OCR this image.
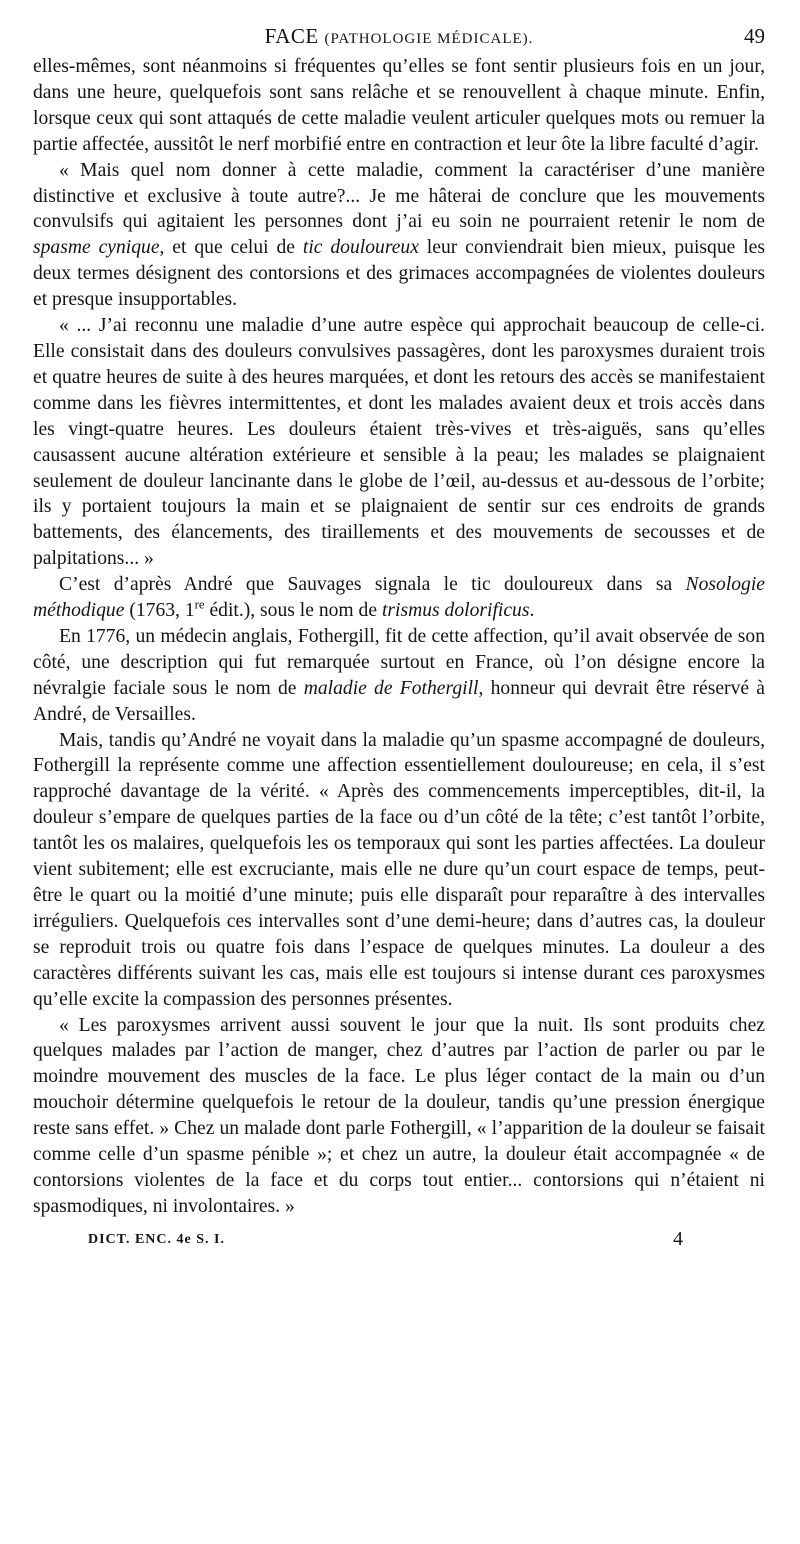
FACE (PATHOLOGIE MÉDICALE).	49

elles-mêmes, sont néanmoins si fréquentes qu’elles se font sentir plusieurs fois en un jour, dans une heure, quelquefois sont sans relâche et se renouvellent à chaque minute. Enfin, lorsque ceux qui sont attaqués de cette maladie veulent articuler quelques mots ou remuer la partie affectée, aussitôt le nerf morbifié entre en contraction et leur ôte la libre faculté d’agir.

« Mais quel nom donner à cette maladie, comment la caractériser d’une manière distinctive et exclusive à toute autre?... Je me hâterai de conclure que les mouvements convulsifs qui agitaient les personnes dont j’ai eu soin ne pourraient retenir le nom de spasme cynique, et que celui de tic douloureux leur conviendrait bien mieux, puisque les deux termes désignent des contorsions et des grimaces accompagnées de violentes douleurs et presque insupportables.

« ... J’ai reconnu une maladie d’une autre espèce qui approchait beaucoup de celle-ci. Elle consistait dans des douleurs convulsives passagères, dont les paroxysmes duraient trois et quatre heures de suite à des heures marquées, et dont les retours des accès se manifestaient comme dans les fièvres intermittentes, et dont les malades avaient deux et trois accès dans les vingt-quatre heures. Les douleurs étaient très-vives et très-aiguës, sans qu’elles causassent aucune altération extérieure et sensible à la peau; les malades se plaignaient seulement de douleur lancinante dans le globe de l’œil, au-dessus et au-dessous de l’orbite; ils y portaient toujours la main et se plaignaient de sentir sur ces endroits de grands battements, des élancements, des tiraillements et des mouvements de secousses et de palpitations... »

C’est d’après André que Sauvages signala le tic douloureux dans sa Nosologie méthodique (1763, 1re édit.), sous le nom de trismus dolorificus.

En 1776, un médecin anglais, Fothergill, fit de cette affection, qu’il avait observée de son côté, une description qui fut remarquée surtout en France, où l’on désigne encore la névralgie faciale sous le nom de maladie de Fothergill, honneur qui devrait être réservé à André, de Versailles.

Mais, tandis qu’André ne voyait dans la maladie qu’un spasme accompagné de douleurs, Fothergill la représente comme une affection essentiellement douloureuse; en cela, il s’est rapproché davantage de la vérité. « Après des commencements imperceptibles, dit-il, la douleur s’empare de quelques parties de la face ou d’un côté de la tête; c’est tantôt l’orbite, tantôt les os malaires, quelquefois les os temporaux qui sont les parties affectées. La douleur vient subitement; elle est excruciante, mais elle ne dure qu’un court espace de temps, peut-être le quart ou la moitié d’une minute; puis elle disparaît pour reparaître à des intervalles irréguliers. Quelquefois ces intervalles sont d’une demi-heure; dans d’autres cas, la douleur se reproduit trois ou quatre fois dans l’espace de quelques minutes. La douleur a des caractères différents suivant les cas, mais elle est toujours si intense durant ces paroxysmes qu’elle excite la compassion des personnes présentes.

« Les paroxysmes arrivent aussi souvent le jour que la nuit. Ils sont produits chez quelques malades par l’action de manger, chez d’autres par l’action de parler ou par le moindre mouvement des muscles de la face. Le plus léger contact de la main ou d’un mouchoir détermine quelquefois le retour de la douleur, tandis qu’une pression énergique reste sans effet. » Chez un malade dont parle Fothergill, « l’apparition de la douleur se faisait comme celle d’un spasme pénible »; et chez un autre, la douleur était accompagnée « de contorsions violentes de la face et du corps tout entier... contorsions qui n’étaient ni spasmodiques, ni involontaires. »

DICT. ENC. 4e S. I.	4
